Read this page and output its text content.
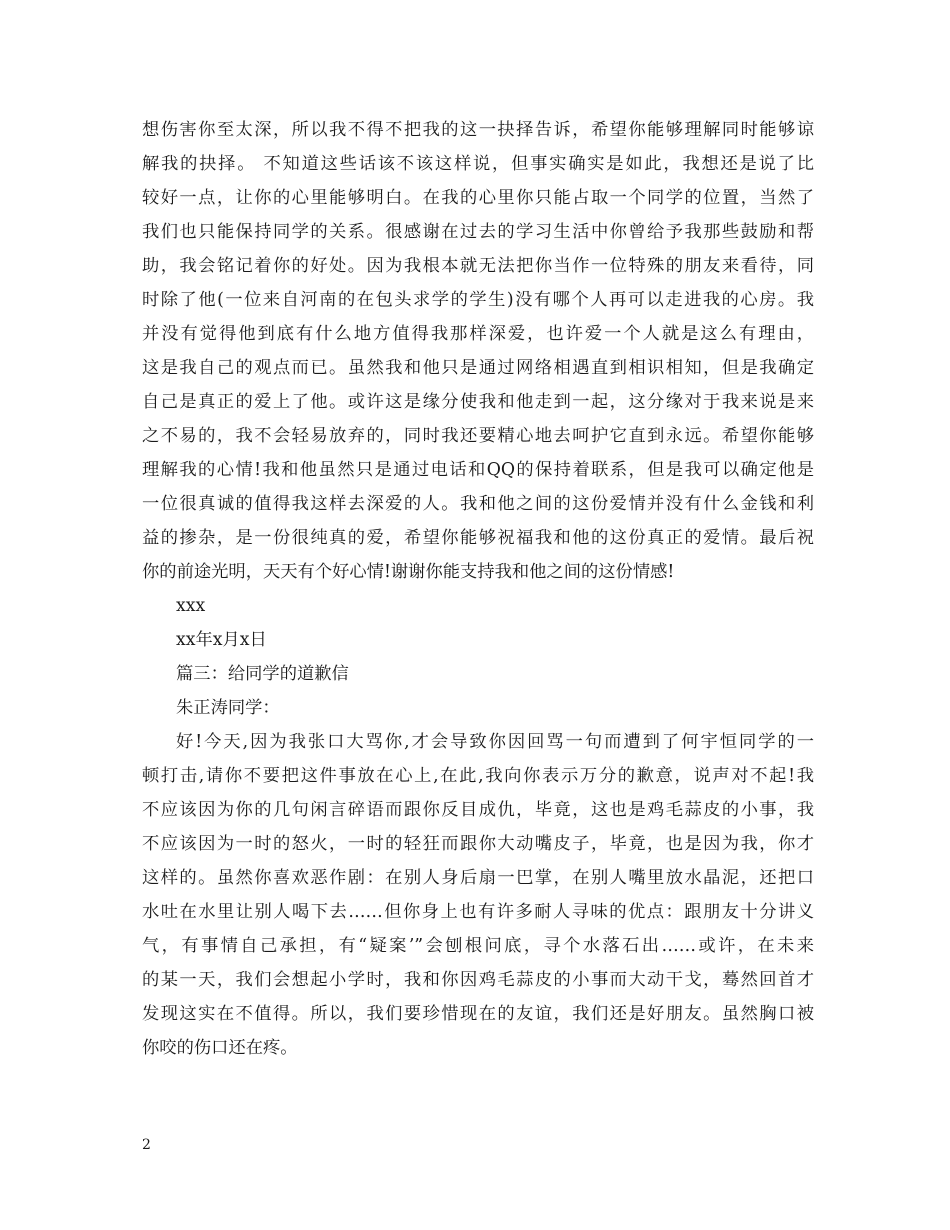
想伤害你至太深，所以我不得不把我的这一抉择告诉，希望你能够理解同时能够谅
解我的抉择。 不知道这些话该不该这样说，但事实确实是如此，我想还是说了比
较好一点，让你的心里能够明白。在我的心里你只能占取一个同学的位置，当然了
我们也只能保持同学的关系。很感谢在过去的学习生活中你曾给予我那些鼓励和帮
助，我会铭记着你的好处。因为我根本就无法把你当作一位特殊的朋友来看待，同
时除了他(一位来自河南的在包头求学的学生)没有哪个人再可以走进我的心房。我
并没有觉得他到底有什么地方值得我那样深爱，也许爱一个人就是这么有理由，
这是我自己的观点而已。虽然我和他只是通过网络相遇直到相识相知，但是我确定
自己是真正的爱上了他。或许这是缘分使我和他走到一起，这分缘对于我来说是来
之不易的，我不会轻易放弃的，同时我还要精心地去呵护它直到永远。希望你能够
理解我的心情!我和他虽然只是通过电话和QQ的保持着联系，但是我可以确定他是
一位很真诚的值得我这样去深爱的人。我和他之间的这份爱情并没有什么金钱和利
益的掺杂，是一份很纯真的爱，希望你能够祝福我和他的这份真正的爱情。最后祝
你的前途光明，天天有个好心情!谢谢你能支持我和他之间的这份情感!
xxx
xx年x月x日
篇三：给同学的道歉信
朱正涛同学：
好!今天,因为我张口大骂你,才会导致你因回骂一句而遭到了何宇恒同学的一
顿打击,请你不要把这件事放在心上,在此,我向你表示万分的歉意，说声对不起!我
不应该因为你的几句闲言碎语而跟你反目成仇，毕竟，这也是鸡毛蒜皮的小事，我
不应该因为一时的怒火，一时的轻狂而跟你大动嘴皮子，毕竟，也是因为我，你才
这样的。虽然你喜欢恶作剧：在别人身后扇一巴掌，在别人嘴里放水晶泥，还把口
水吐在水里让别人喝下去……但你身上也有许多耐人寻味的优点：跟朋友十分讲义
气，有事情自己承担，有“疑案’”会刨根问底，寻个水落石出……或许，在未来
的某一天，我们会想起小学时，我和你因鸡毛蒜皮的小事而大动干戈，蓦然回首才
发现这实在不值得。所以，我们要珍惜现在的友谊，我们还是好朋友。虽然胸口被
你咬的伤口还在疼。
2
